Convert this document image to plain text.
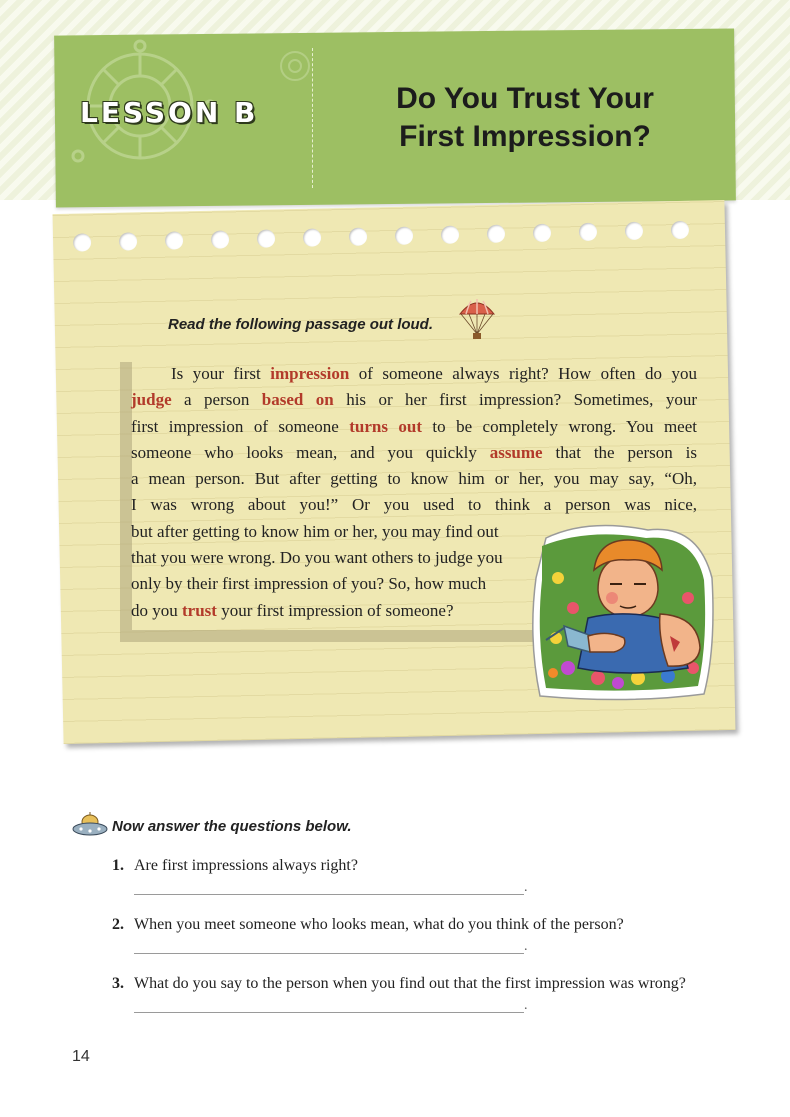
LESSON B	Do You Trust Your
First Impression?
Read the following passage out loud.
Is your first impression of someone always right? How often do you
judge a person based on his or her first impression? Sometimes, your
first impression of someone turns out to be completely wrong. You meet
someone who looks mean, and you quickly assume that the person is
a mean person. But after getting to know him or her, you may say, “Oh,
I was wrong about you!” Or you used to think a person was nice,
but after getting to know him or her, you may find out
that you were wrong. Do you want others to judge you
only by their first impression of you? So, how much
do you trust your first impression of someone?
Now answer the questions below.
1. Are first impressions always right?
.
2. When you meet someone who looks mean, what do you think of the person?
.
3. What do you say to the person when you find out that the first impression was wrong?
.
14
